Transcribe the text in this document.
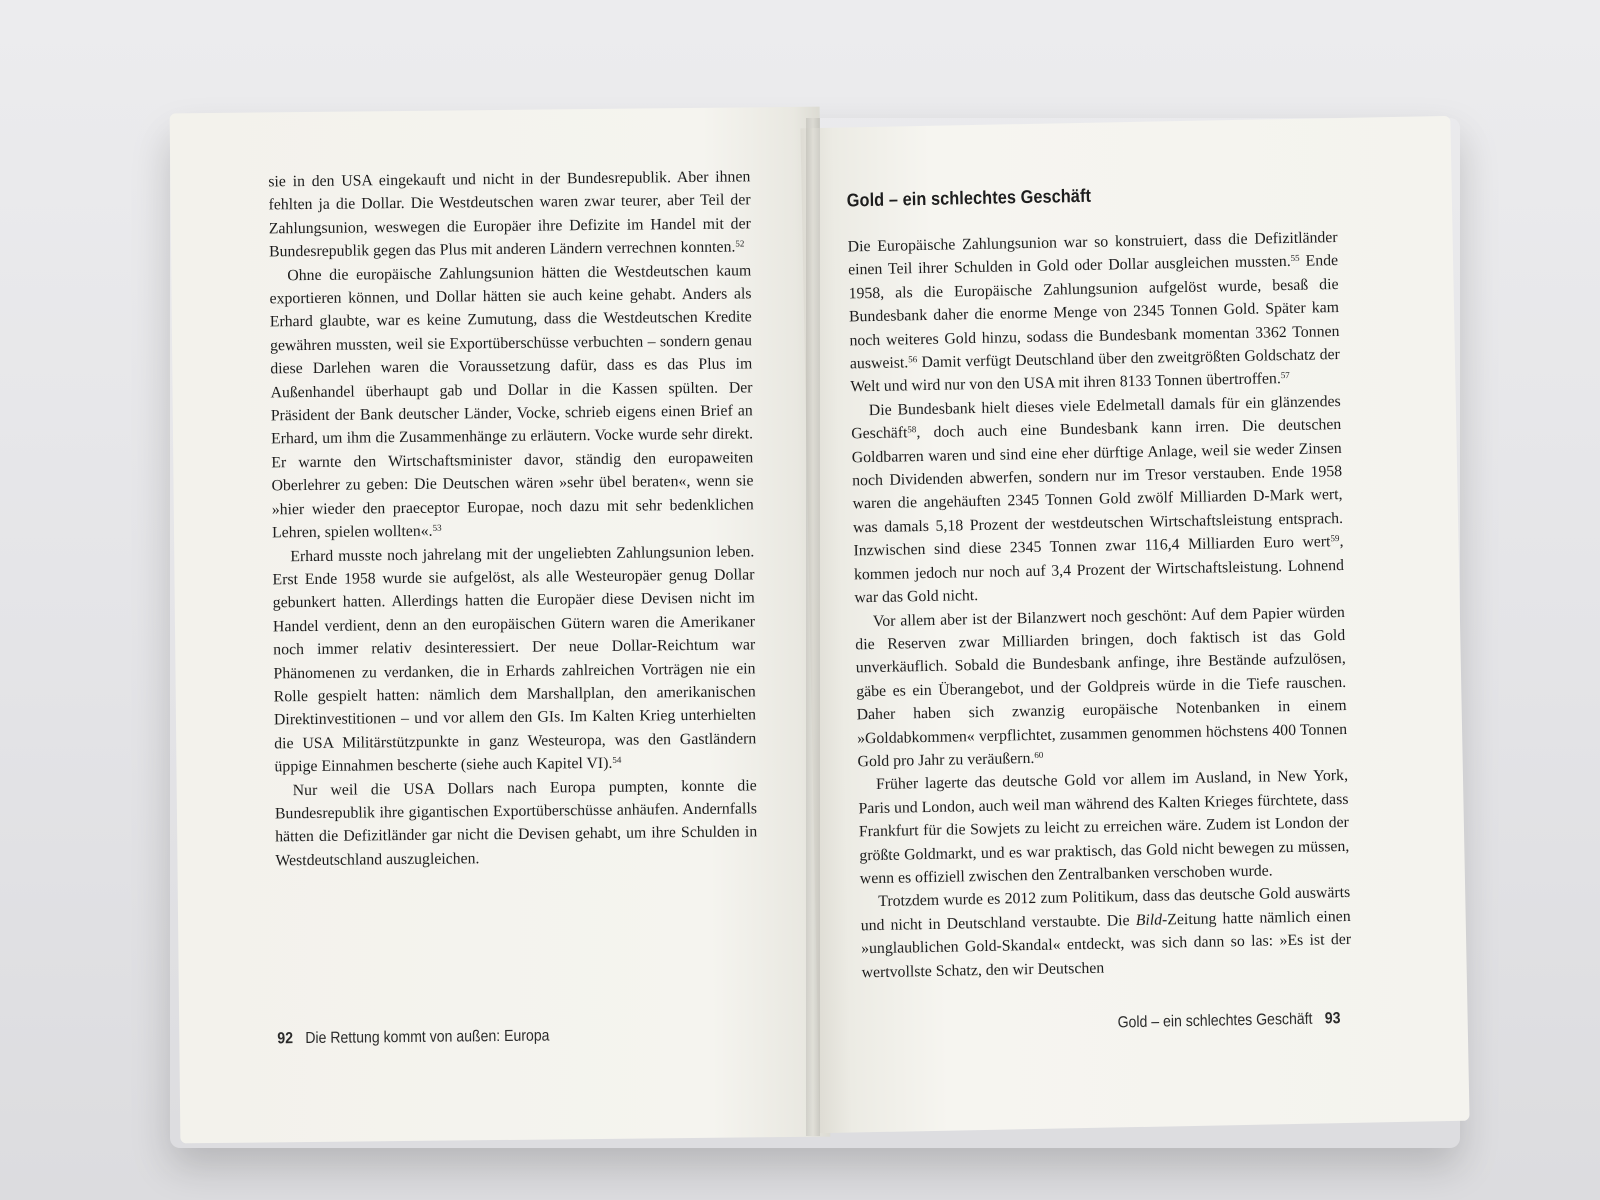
sie in den USA eingekauft und nicht in der Bundesrepublik. Aber ihnen fehlten ja die Dollar. Die Westdeutschen waren zwar teurer, aber Teil der Zahlungsunion, weswegen die Europäer ihre Defizite im Handel mit der Bundesrepublik gegen das Plus mit anderen Ländern verrechnen konnten.$^{52}$

Ohne die europäische Zahlungsunion hätten die Westdeutschen kaum exportieren können, und Dollar hätten sie auch keine gehabt. Anders als Erhard glaubte, war es keine Zumutung, dass die Westdeutschen Kredite gewähren mussten, weil sie Exportüberschüsse verbuchten – sondern genau diese Darlehen waren die Voraussetzung dafür, dass es das Plus im Außenhandel überhaupt gab und Dollar in die Kassen spülten. Der Präsident der Bank deutscher Länder, Vocke, schrieb eigens einen Brief an Erhard, um ihm die Zusammenhänge zu erläutern. Vocke wurde sehr direkt. Er warnte den Wirtschaftsminister davor, ständig den europaweiten Oberlehrer zu geben: Die Deutschen wären »sehr übel beraten«, wenn sie »hier wieder den praeceptor Europae, noch dazu mit sehr bedenklichen Lehren, spielen wollten«.$^{53}$

Erhard musste noch jahrelang mit der ungeliebten Zahlungsunion leben. Erst Ende 1958 wurde sie aufgelöst, als alle Westeuropäer genug Dollar gebunkert hatten. Allerdings hatten die Europäer diese Devisen nicht im Handel verdient, denn an den europäischen Gütern waren die Amerikaner noch immer relativ desinteressiert. Der neue Dollar-Reichtum war Phänomenen zu verdanken, die in Erhards zahlreichen Vorträgen nie ein Rolle gespielt hatten: nämlich dem Marshallplan, den amerikanischen Direktinvestitionen – und vor allem den GIs. Im Kalten Krieg unterhielten die USA Militärstützpunkte in ganz Westeuropa, was den Gastländern üppige Einnahmen bescherte (siehe auch Kapitel VI).$^{54}$

Nur weil die USA Dollars nach Europa pumpten, konnte die Bundesrepublik ihre gigantischen Exportüberschüsse anhäufen. Andernfalls hätten die Defizitländer gar nicht die Devisen gehabt, um ihre Schulden in Westdeutschland auszugleichen.

92 Die Rettung kommt von außen: Europa
Gold – ein schlechtes Geschäft

Die Europäische Zahlungsunion war so konstruiert, dass die Defizitländer einen Teil ihrer Schulden in Gold oder Dollar ausgleichen mussten.$^{55}$ Ende 1958, als die Europäische Zahlungsunion aufgelöst wurde, besaß die Bundesbank daher die enorme Menge von 2345 Tonnen Gold. Später kam noch weiteres Gold hinzu, sodass die Bundesbank momentan 3362 Tonnen ausweist.$^{56}$ Damit verfügt Deutschland über den zweitgrößten Goldschatz der Welt und wird nur von den USA mit ihren 8133 Tonnen übertroffen.$^{57}$

Die Bundesbank hielt dieses viele Edelmetall damals für ein glänzendes Geschäft$^{58}$, doch auch eine Bundesbank kann irren. Die deutschen Goldbarren waren und sind eine eher dürftige Anlage, weil sie weder Zinsen noch Dividenden abwerfen, sondern nur im Tresor verstauben. Ende 1958 waren die angehäuften 2345 Tonnen Gold zwölf Milliarden D-Mark wert, was damals 5,18 Prozent der westdeutschen Wirtschaftsleistung entsprach. Inzwischen sind diese 2345 Tonnen zwar 116,4 Milliarden Euro wert$^{59}$, kommen jedoch nur noch auf 3,4 Prozent der Wirtschaftsleistung. Lohnend war das Gold nicht.

Vor allem aber ist der Bilanzwert noch geschönt: Auf dem Papier würden die Reserven zwar Milliarden bringen, doch faktisch ist das Gold unverkäuflich. Sobald die Bundesbank anfinge, ihre Bestände aufzulösen, gäbe es ein Überangebot, und der Goldpreis würde in die Tiefe rauschen. Daher haben sich zwanzig europäische Notenbanken in einem »Goldabkommen« verpflichtet, zusammen genommen höchstens 400 Tonnen Gold pro Jahr zu veräußern.$^{60}$

Früher lagerte das deutsche Gold vor allem im Ausland, in New York, Paris und London, auch weil man während des Kalten Krieges fürchtete, dass Frankfurt für die Sowjets zu leicht zu erreichen wäre. Zudem ist London der größte Goldmarkt, und es war praktisch, das Gold nicht bewegen zu müssen, wenn es offiziell zwischen den Zentralbanken verschoben wurde.

Trotzdem wurde es 2012 zum Politikum, dass das deutsche Gold auswärts und nicht in Deutschland verstaubte. Die Bild-Zeitung hatte nämlich einen »unglaublichen Gold-Skandal« entdeckt, was sich dann so las: »Es ist der wertvollste Schatz, den wir Deutschen

Gold – ein schlechtes Geschäft 93
